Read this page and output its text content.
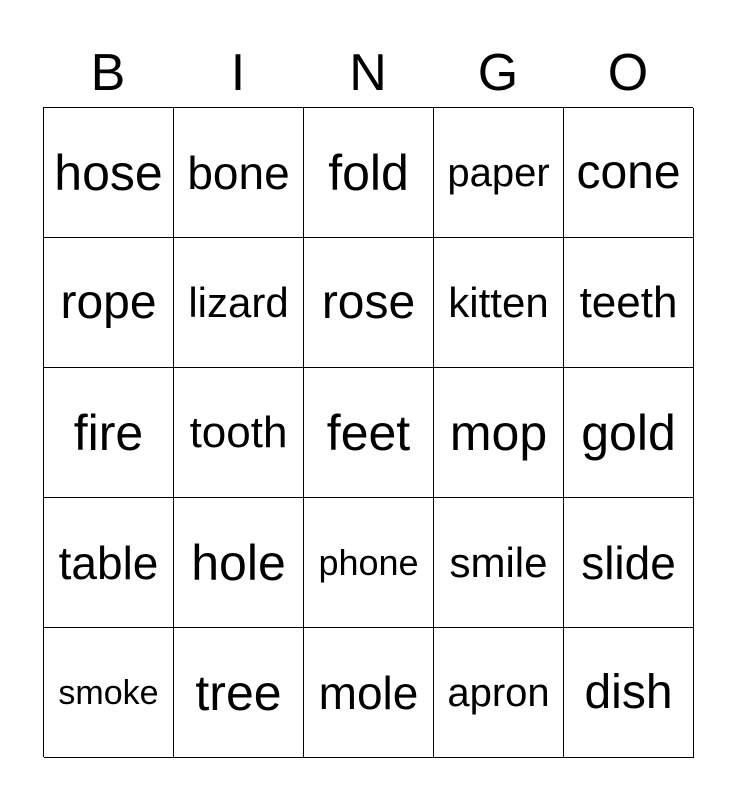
B	I	N	G	O
hose bone fold paper cone
rope lizard rose kitten teeth
fire	tooth feet mop gold
table hole phone smile slide
smoke tree mole apron dish
